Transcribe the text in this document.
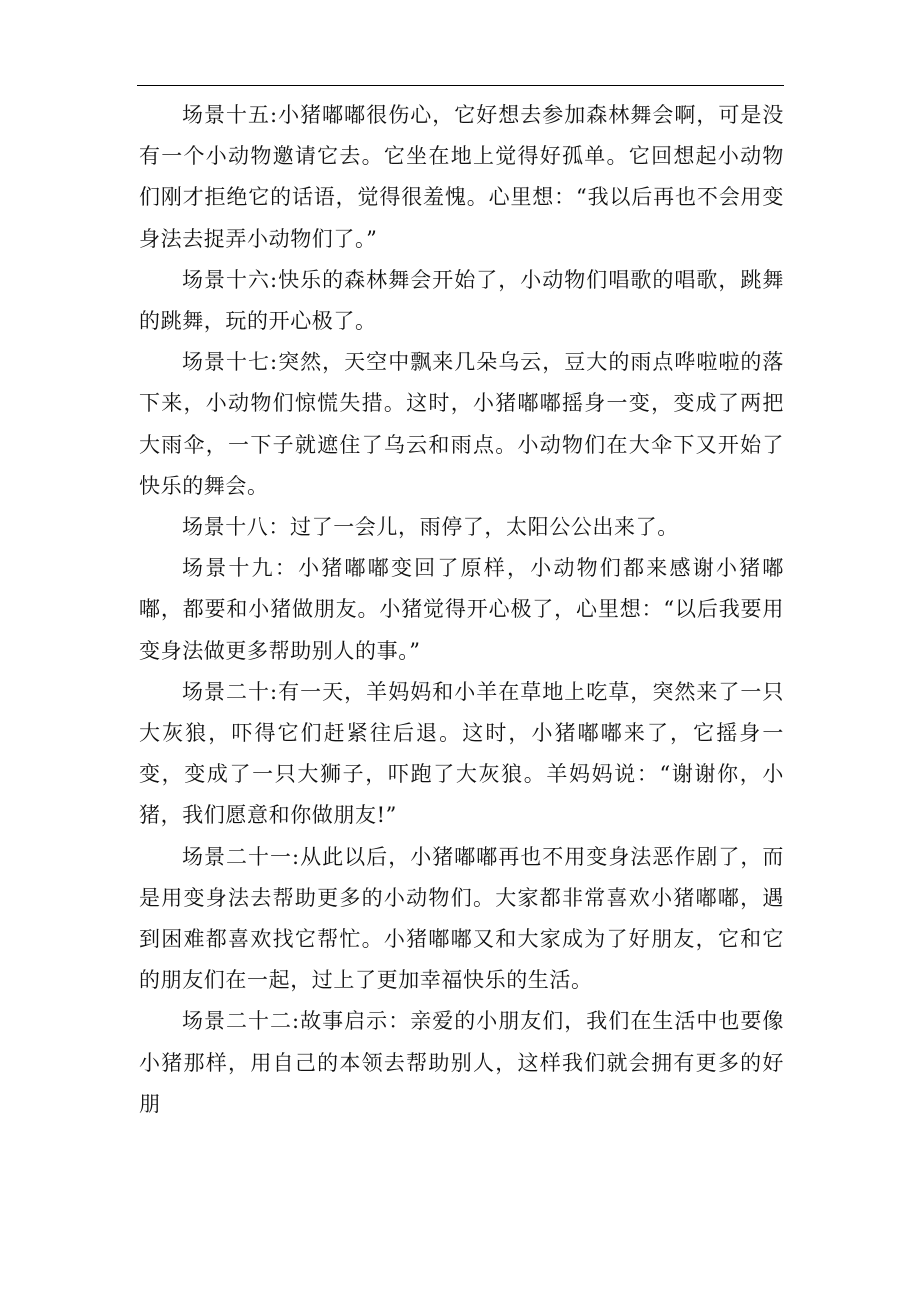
场景十五:小猪嘟嘟很伤心，它好想去参加森林舞会啊，可是没有一个小动物邀请它去。它坐在地上觉得好孤单。它回想起小动物们刚才拒绝它的话语，觉得很羞愧。心里想：“我以后再也不会用变身法去捉弄小动物们了。”

场景十六:快乐的森林舞会开始了，小动物们唱歌的唱歌，跳舞的跳舞，玩的开心极了。

场景十七:突然，天空中飘来几朵乌云，豆大的雨点哗啦啦的落下来，小动物们惊慌失措。这时，小猪嘟嘟摇身一变，变成了两把大雨伞，一下子就遮住了乌云和雨点。小动物们在大伞下又开始了快乐的舞会。

场景十八：过了一会儿，雨停了，太阳公公出来了。

场景十九：小猪嘟嘟变回了原样，小动物们都来感谢小猪嘟嘟，都要和小猪做朋友。小猪觉得开心极了，心里想：“以后我要用变身法做更多帮助别人的事。”

场景二十:有一天，羊妈妈和小羊在草地上吃草，突然来了一只大灰狼，吓得它们赶紧往后退。这时，小猪嘟嘟来了，它摇身一变，变成了一只大狮子，吓跑了大灰狼。羊妈妈说：“谢谢你，小猪，我们愿意和你做朋友!”

场景二十一:从此以后，小猪嘟嘟再也不用变身法恶作剧了，而是用变身法去帮助更多的小动物们。大家都非常喜欢小猪嘟嘟，遇到困难都喜欢找它帮忙。小猪嘟嘟又和大家成为了好朋友，它和它的朋友们在一起，过上了更加幸福快乐的生活。

场景二十二:故事启示：亲爱的小朋友们，我们在生活中也要像小猪那样，用自己的本领去帮助别人，这样我们就会拥有更多的好朋
